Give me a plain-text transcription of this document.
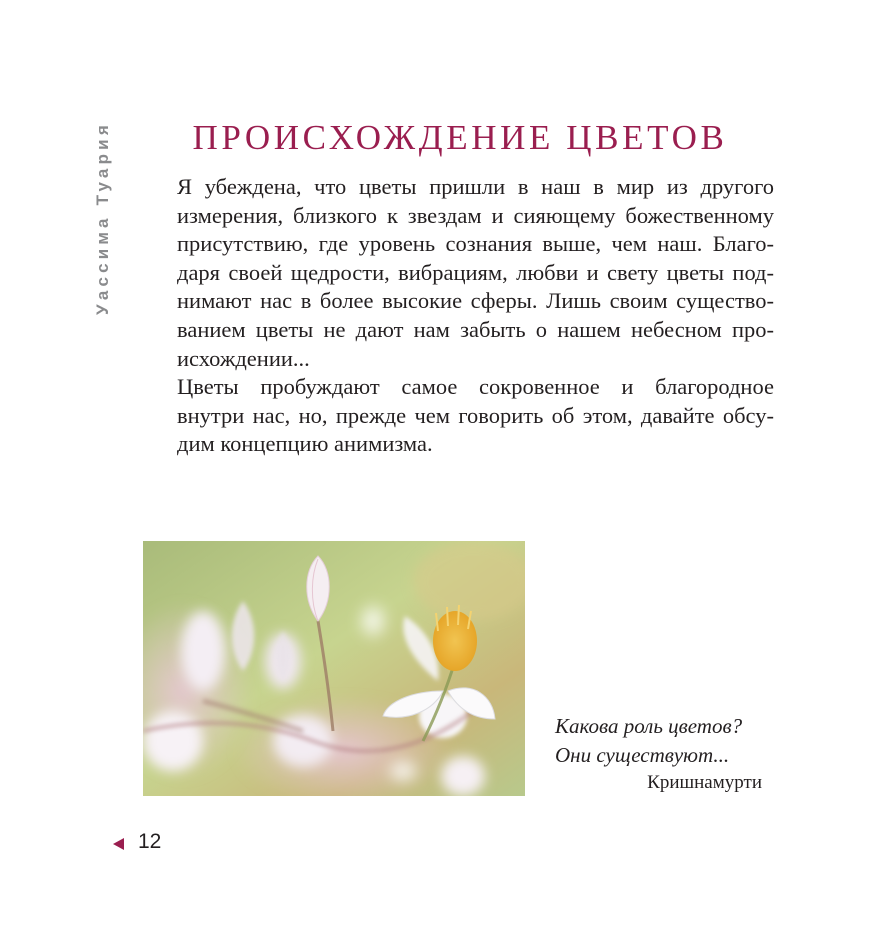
Уассима Туария	ПРОИСХОЖДЕНИЕ ЦВЕТОВ

Я убеждена, что цветы пришли в наш в мир из другого
измерения, близкого к звездам и сияющему божественному
присутствию, где уровень сознания выше, чем наш. Благо-
даря своей щедрости, вибрациям, любви и свету цветы под-
нимают нас в более высокие сферы. Лишь своим существо-
ванием цветы не дают нам забыть о нашем небесном про-
исхождении...

Цветы пробуждают самое сокровенное и благородное
внутри нас, но, прежде чем говорить об этом, давайте обсу-
дим концепцию анимизма.

Какова роль цветов?
Они существуют...
Кришнамурти
12
